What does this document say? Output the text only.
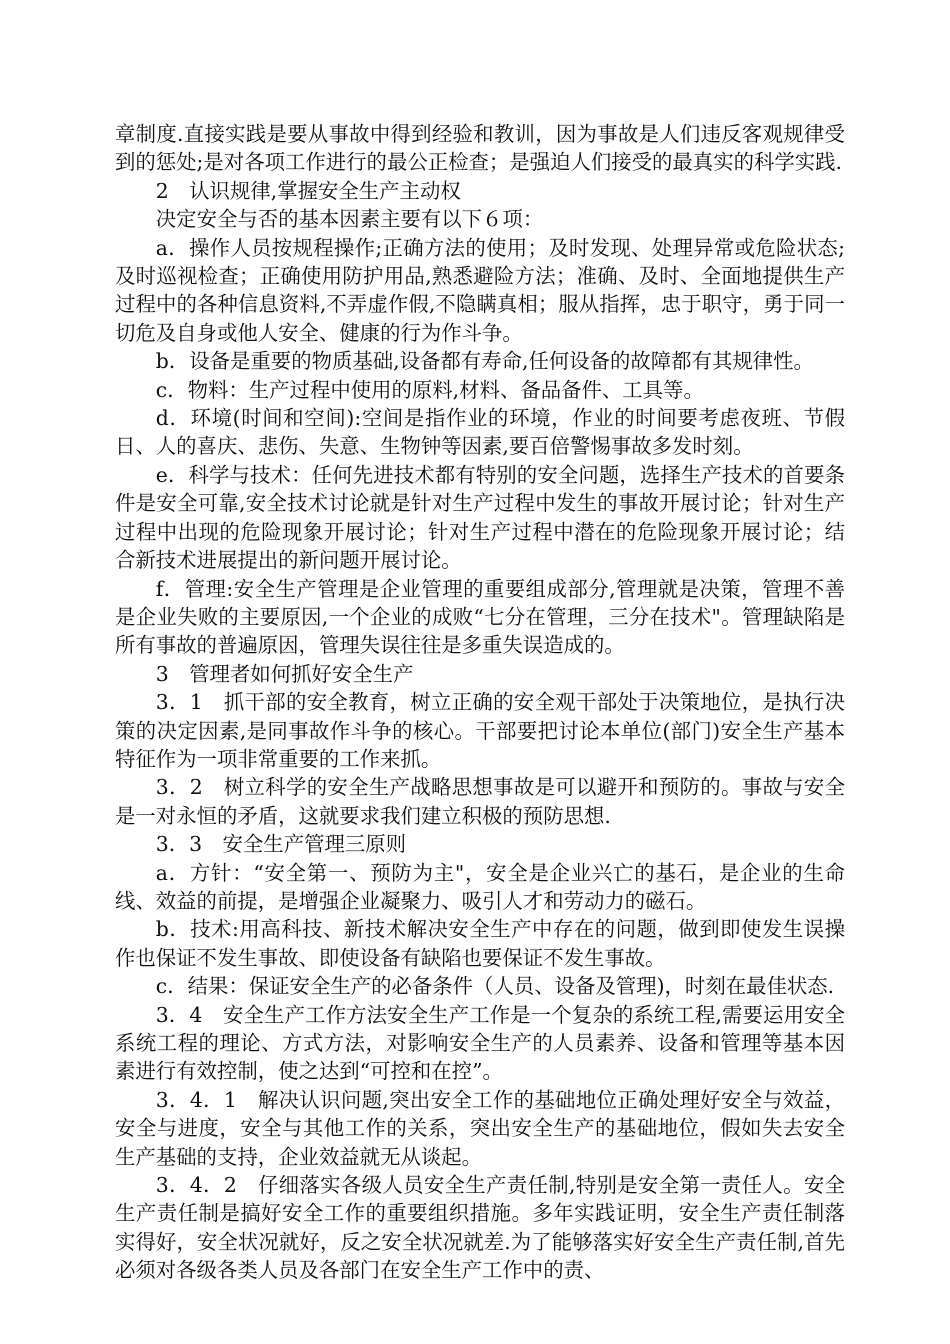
章制度.直接实践是要从事故中得到经验和教训，因为事故是人们违反客观规律受到的惩处;是对各项工作进行的最公正检查；是强迫人们接受的最真实的科学实践.

2　认识规律,掌握安全生产主动权

决定安全与否的基本因素主要有以下６项：

a．操作人员按规程操作;正确方法的使用；及时发现、处理异常或危险状态;及时巡视检查；正确使用防护用品,熟悉避险方法；准确、及时、全面地提供生产过程中的各种信息资料,不弄虚作假,不隐瞒真相；服从指挥，忠于职守，勇于同一切危及自身或他人安全、健康的行为作斗争。

b．设备是重要的物质基础,设备都有寿命,任何设备的故障都有其规律性。

c．物料：生产过程中使用的原料,材料、备品备件、工具等。

d．环境(时间和空间):空间是指作业的环境，作业的时间要考虑夜班、节假日、人的喜庆、悲伤、失意、生物钟等因素,要百倍警惕事故多发时刻。

e．科学与技术：任何先进技术都有特别的安全问题，选择生产技术的首要条件是安全可靠,安全技术讨论就是针对生产过程中发生的事故开展讨论；针对生产过程中出现的危险现象开展讨论；针对生产过程中潜在的危险现象开展讨论；结合新技术进展提出的新问题开展讨论。

f．管理:安全生产管理是企业管理的重要组成部分,管理就是决策，管理不善是企业失败的主要原因,一个企业的成败“七分在管理，三分在技术"。管理缺陷是所有事故的普遍原因，管理失误往往是多重失误造成的。

3　管理者如何抓好安全生产

3．1　抓干部的安全教育，树立正确的安全观干部处于决策地位，是执行决策的决定因素,是同事故作斗争的核心。干部要把讨论本单位(部门)安全生产基本特征作为一项非常重要的工作来抓。

3．2　树立科学的安全生产战略思想事故是可以避开和预防的。事故与安全是一对永恒的矛盾，这就要求我们建立积极的预防思想.

3．3　安全生产管理三原则

a．方针：“安全第一、预防为主"，安全是企业兴亡的基石，是企业的生命线、效益的前提，是增强企业凝聚力、吸引人才和劳动力的磁石。

b．技术:用高科技、新技术解决安全生产中存在的问题，做到即使发生误操作也保证不发生事故、即使设备有缺陷也要保证不发生事故。

c．结果：保证安全生产的必备条件（人员、设备及管理)，时刻在最佳状态.

3．4　安全生产工作方法安全生产工作是一个复杂的系统工程,需要运用安全系统工程的理论、方式方法，对影响安全生产的人员素养、设备和管理等基本因素进行有效控制，使之达到“可控和在控”。

3．4．1　解决认识问题,突出安全工作的基础地位正确处理好安全与效益，安全与进度，安全与其他工作的关系，突出安全生产的基础地位，假如失去安全生产基础的支持，企业效益就无从谈起。

3．4．2　仔细落实各级人员安全生产责任制,特别是安全第一责任人。安全生产责任制是搞好安全工作的重要组织措施。多年实践证明，安全生产责任制落实得好，安全状况就好，反之安全状况就差.为了能够落实好安全生产责任制,首先必须对各级各类人员及各部门在安全生产工作中的责、
